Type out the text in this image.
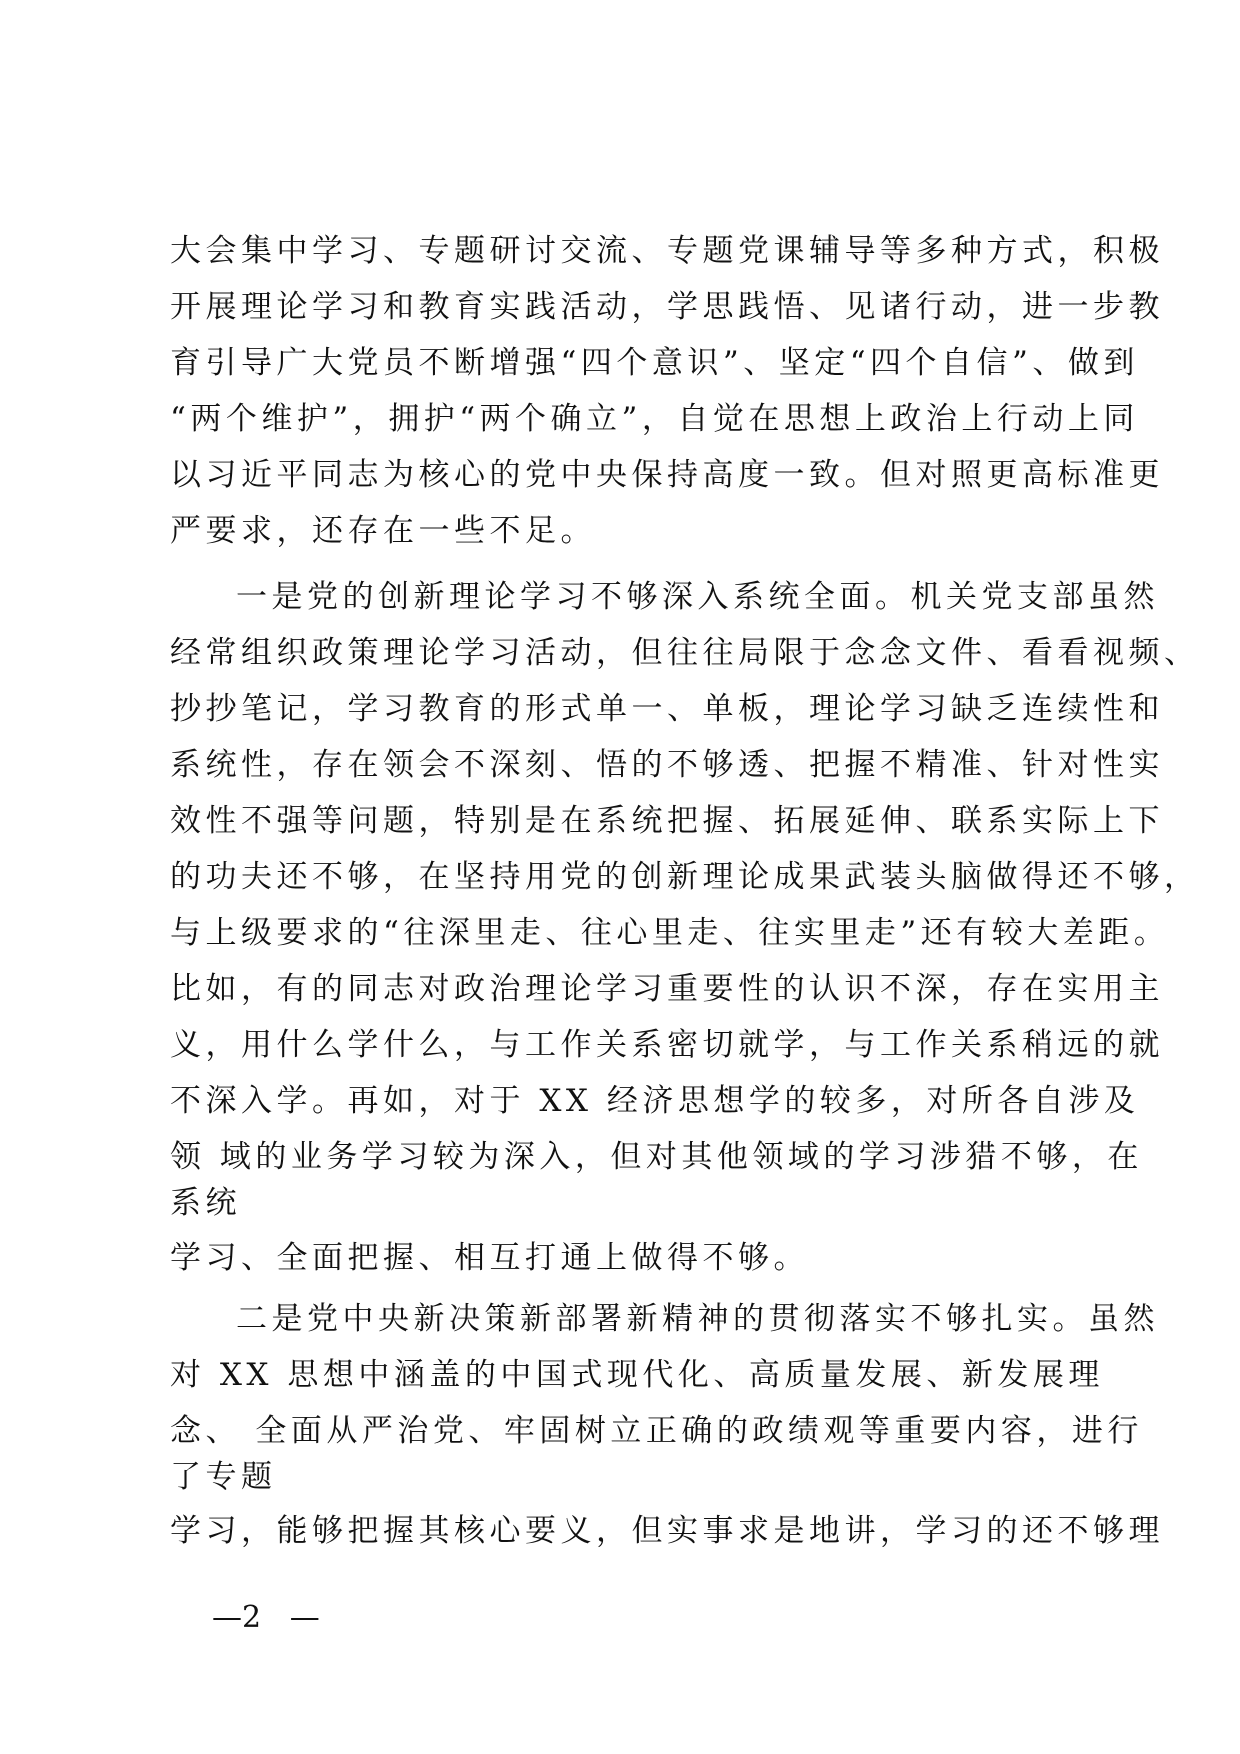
大会集中学习、专题研讨交流、专题党课辅导等多种方式，积极
开展理论学习和教育实践活动，学思践悟、见诸行动，进一步教
育引导广大党员不断增强“四个意识”、坚定“四个自信”、做到
“两个维护”，拥护“两个确立”，自觉在思想上政治上行动上同
以习近平同志为核心的党中央保持高度一致。但对照更高标准更
严要求，还存在一些不足。
一是党的创新理论学习不够深入系统全面。机关党支部虽然
经常组织政策理论学习活动，但往往局限于念念文件、看看视频、
抄抄笔记，学习教育的形式单一、单板，理论学习缺乏连续性和
系统性，存在领会不深刻、悟的不够透、把握不精准、针对性实
效性不强等问题，特别是在系统把握、拓展延伸、联系实际上下
的功夫还不够，在坚持用党的创新理论成果武装头脑做得还不够，
与上级要求的“往深里走、往心里走、往实里走”还有较大差距。
比如，有的同志对政治理论学习重要性的认识不深，存在实用主
义，用什么学什么，与工作关系密切就学，与工作关系稍远的就
不深入学。再如，对于 XX 经济思想学的较多，对所各自涉及
领 域的业务学习较为深入，但对其他领域的学习涉猎不够，在
系统
学习、全面把握、相互打通上做得不够。
二是党中央新决策新部署新精神的贯彻落实不够扎实。虽然
对 XX 思想中涵盖的中国式现代化、高质量发展、新发展理
念、 全面从严治党、牢固树立正确的政绩观等重要内容，进行
了专题
学习，能够把握其核心要义，但实事求是地讲，学习的还不够理
—2   —
